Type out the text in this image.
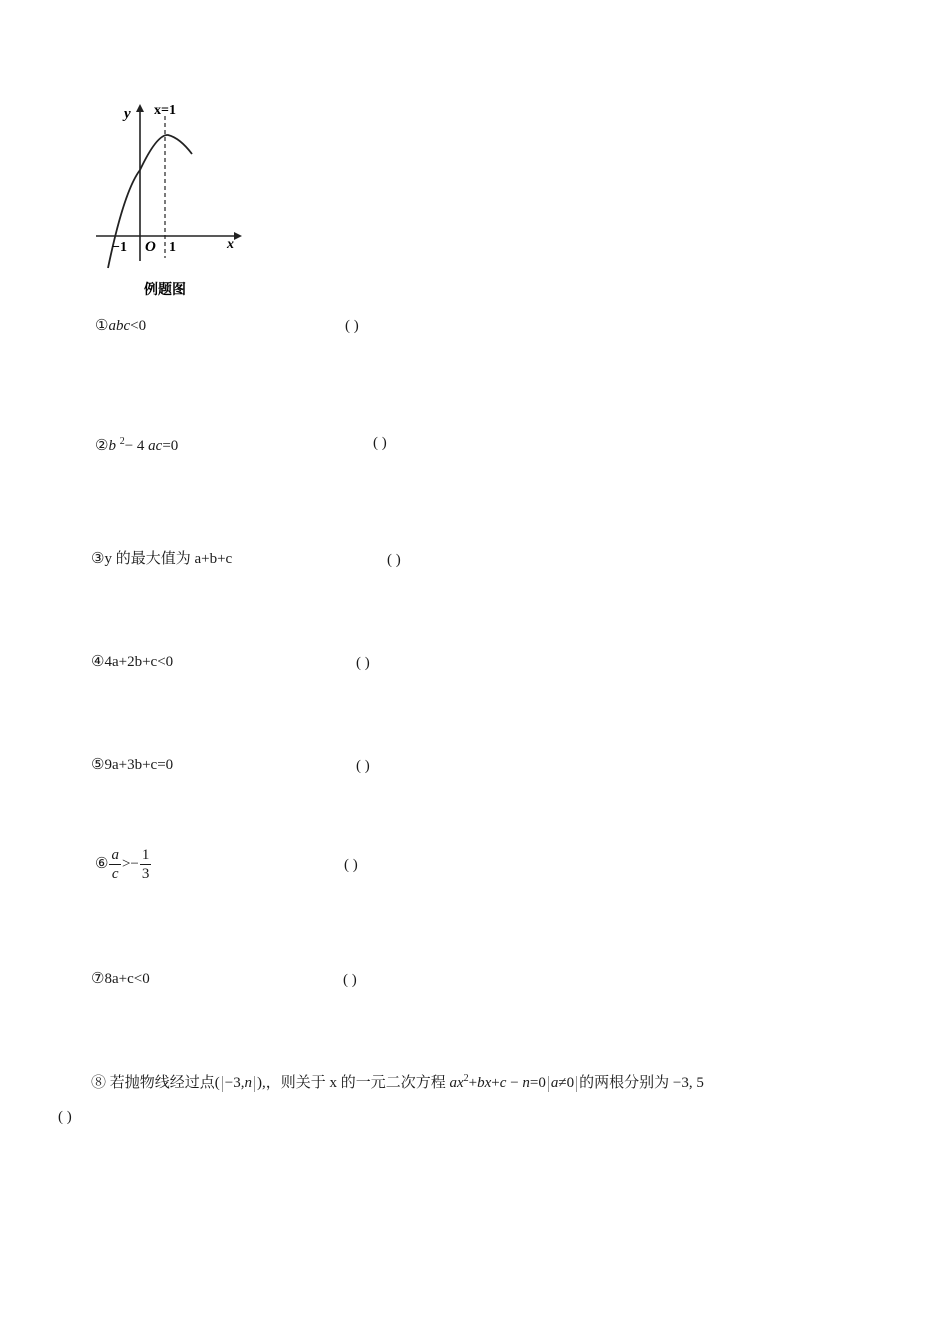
y
x
x=1
−1 O 1
例题图
①abc<0	( )
②b $^2$− 4 ac=0	( )
③y 的最大值为 a+b+c	( )
④4a+2b+c<0	( )
⑤9a+3b+c=0	( )
⑥ $\frac{a}{c} >- \frac{1}{3}$	( )
⑦8a+c<0	( )
⑧ 若抛物线经过点( −3,n ),，则关于 x 的一元二次方程 $ax^2+bx+c - n=0$ a≠0 的两根分别为 −3, 5
( )
